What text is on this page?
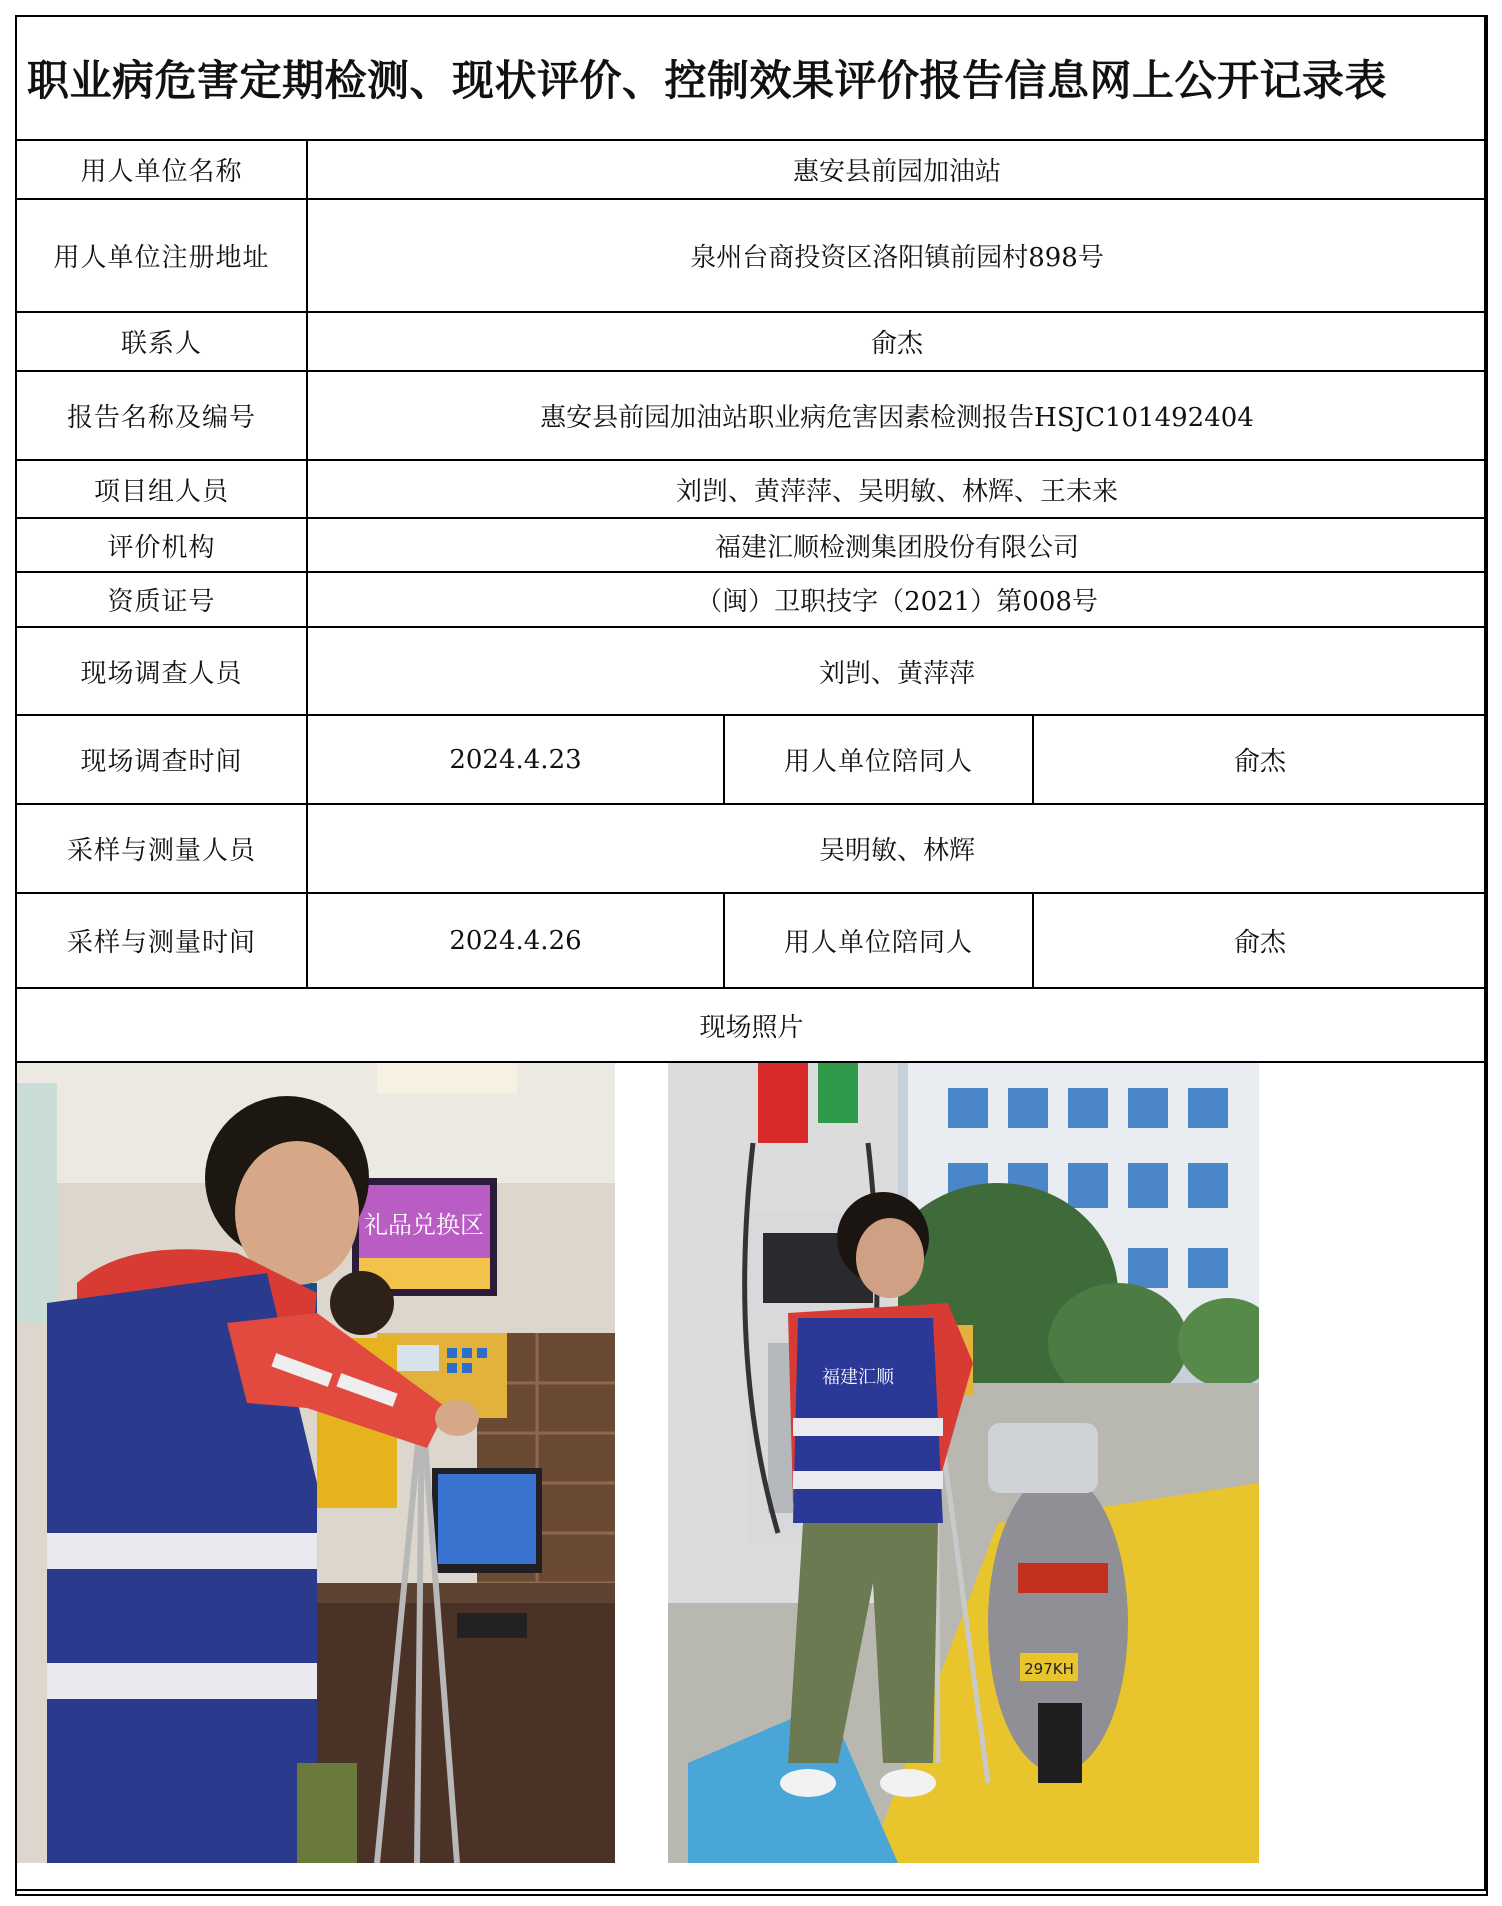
职业病危害定期检测、现状评价、控制效果评价报告信息网上公开记录表			
用人单位名称	惠安县前园加油站		
用人单位注册地址	泉州台商投资区洛阳镇前园村898号		
联系人	俞杰		
报告名称及编号	惠安县前园加油站职业病危害因素检测报告HSJC101492404		
项目组人员	刘剀、黄萍萍、吴明敏、林辉、王未来		
评价机构	福建汇顺检测集团股份有限公司		
资质证号	（闽）卫职技字（2021）第008号		
现场调查人员	刘剀、黄萍萍		
现场调查时间	2024.4.23	用人单位陪同人	俞杰
采样与测量人员	吴明敏、林辉		
采样与测量时间	2024.4.26	用人单位陪同人	俞杰
现场照片			

礼品兑换区
297KH
福建汇顺			
